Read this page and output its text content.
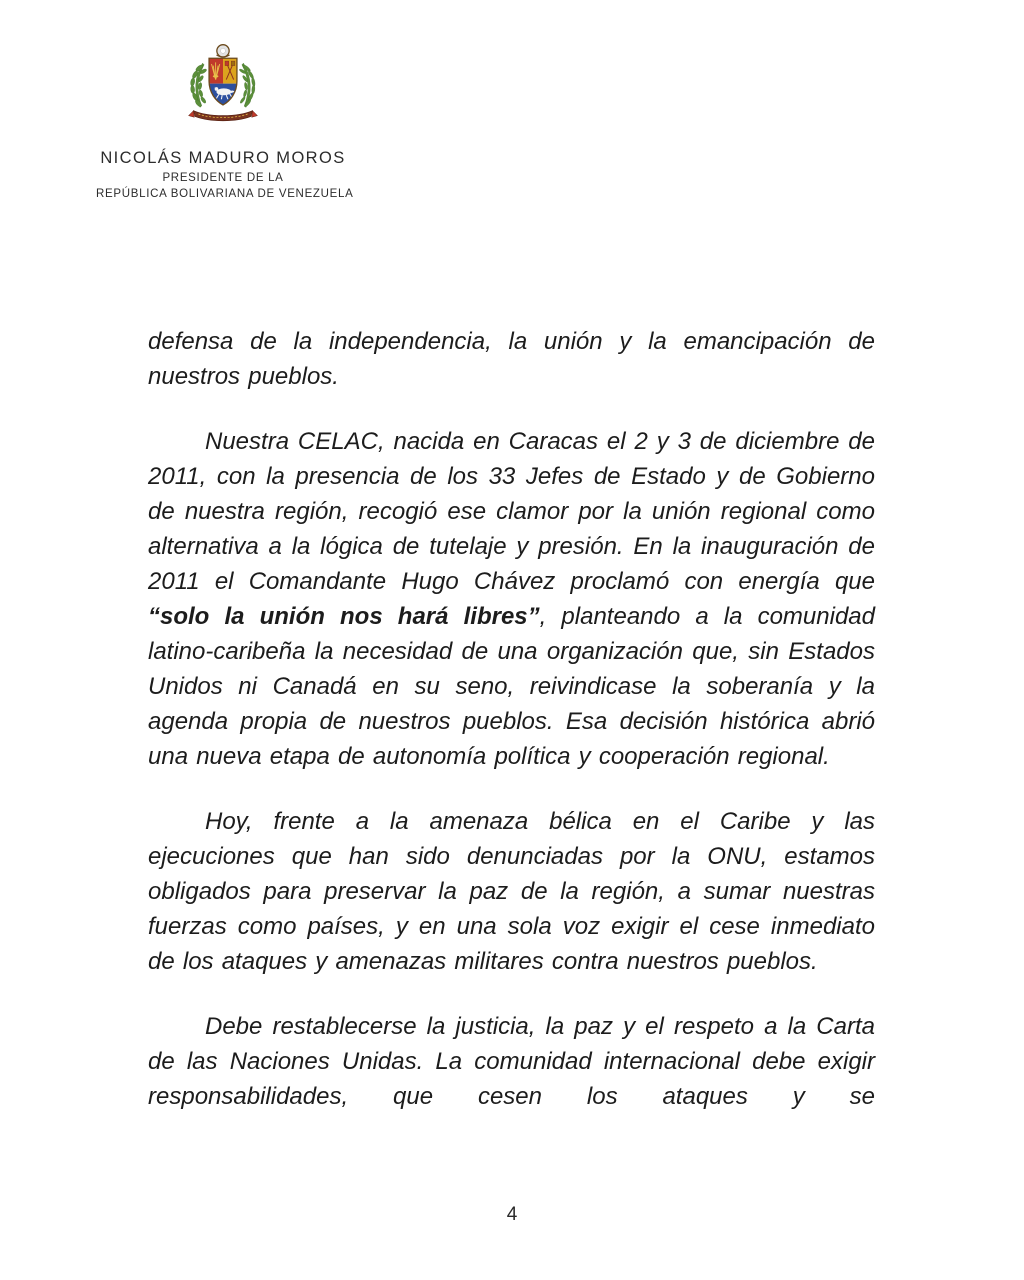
NICOLÁS MADURO MOROS
PRESIDENTE DE LA
REPÚBLICA BOLIVARIANA DE VENEZUELA

defensa de la independencia, la unión y la emancipación de nuestros pueblos.

Nuestra CELAC, nacida en Caracas el 2 y 3 de diciembre de 2011, con la presencia de los 33 Jefes de Estado y de Gobierno de nuestra región, recogió ese clamor por la unión regional como alternativa a la lógica de tutelaje y presión. En la inauguración de 2011 el Comandante Hugo Chávez proclamó con energía que “solo la unión nos hará libres”, planteando a la comunidad latino-caribeña la necesidad de una organización que, sin Estados Unidos ni Canadá en su seno, reivindicase la soberanía y la agenda propia de nuestros pueblos. Esa decisión histórica abrió una nueva etapa de autonomía política y cooperación regional.

Hoy, frente a la amenaza bélica en el Caribe y las ejecuciones que han sido denunciadas por la ONU, estamos obligados para preservar la paz de la región, a sumar nuestras fuerzas como países, y en una sola voz exigir el cese inmediato de los ataques y amenazas militares contra nuestros pueblos.

Debe restablecerse la justicia, la paz y el respeto a la Carta de las Naciones Unidas. La comunidad internacional debe exigir responsabilidades, que cesen los ataques y se

4
